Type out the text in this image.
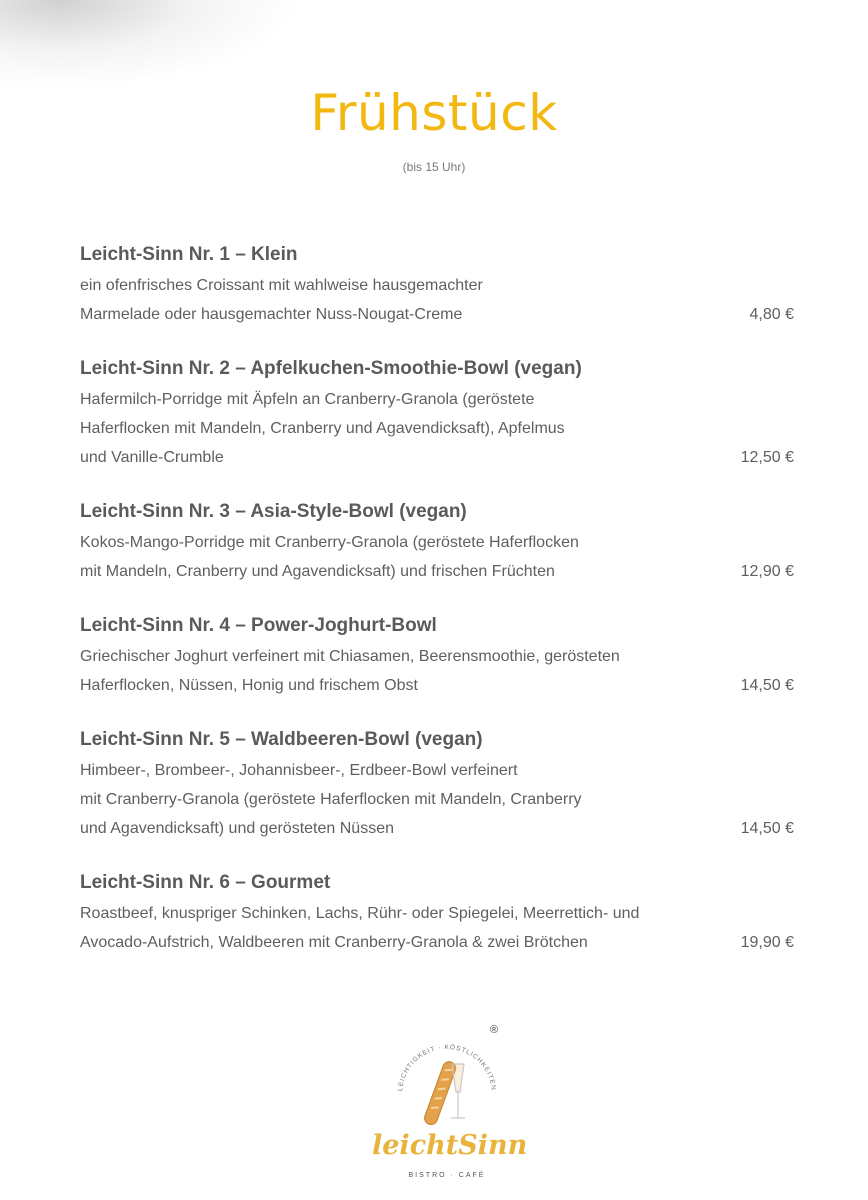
Frühstück
(bis 15 Uhr)
Leicht-Sinn Nr. 1 – Klein
ein ofenfrisches Croissant mit wahlweise hausgemachter
Marmelade oder hausgemachter Nuss-Nougat-Creme	4,80 €
Leicht-Sinn Nr. 2 – Apfelkuchen-Smoothie-Bowl (vegan)
Hafermilch-Porridge mit Äpfeln an Cranberry-Granola (geröstete
Haferflocken mit Mandeln, Cranberry und Agavendicksaft), Apfelmus
und Vanille-Crumble	12,50 €
Leicht-Sinn Nr. 3 – Asia-Style-Bowl (vegan)
Kokos-Mango-Porridge mit Cranberry-Granola (geröstete Haferflocken
mit Mandeln, Cranberry und Agavendicksaft) und frischen Früchten	12,90 €
Leicht-Sinn Nr. 4 – Power-Joghurt-Bowl
Griechischer Joghurt verfeinert mit Chiasamen, Beerensmoothie, gerösteten
Haferflocken, Nüssen, Honig und frischem Obst	14,50 €
Leicht-Sinn Nr. 5 – Waldbeeren-Bowl (vegan)
Himbeer-, Brombeer-, Johannisbeer-, Erdbeer-Bowl verfeinert
mit Cranberry-Granola (geröstete Haferflocken mit Mandeln, Cranberry
und Agavendicksaft) und gerösteten Nüssen	14,50 €
Leicht-Sinn Nr. 6 – Gourmet
Roastbeef, knuspriger Schinken, Lachs, Rühr- oder Spiegelei, Meerrettich- und
Avocado-Aufstrich, Waldbeeren mit Cranberry-Granola & zwei Brötchen	19,90 €
LEICHTIGKEIT · KÖSTLICHKEITEN
®
leichtSinn
BISTRO · CAFÉ
